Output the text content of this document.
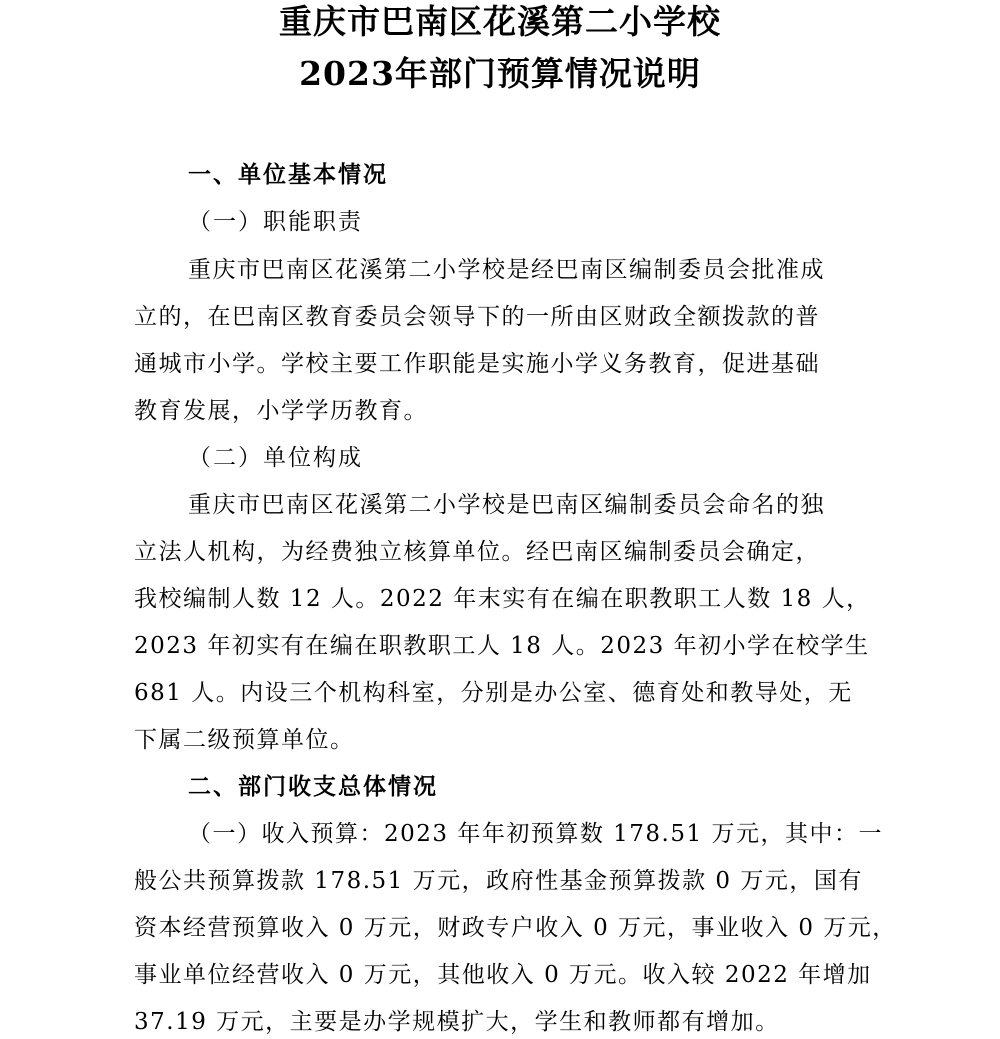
重庆市巴南区花溪第二小学校
2023年部门预算情况说明
一、单位基本情况
（一）职能职责
重庆市巴南区花溪第二小学校是经巴南区编制委员会批准成
立的，在巴南区教育委员会领导下的一所由区财政全额拨款的普
通城市小学。学校主要工作职能是实施小学义务教育，促进基础
教育发展，小学学历教育。
（二）单位构成
重庆市巴南区花溪第二小学校是巴南区编制委员会命名的独
立法人机构，为经费独立核算单位。经巴南区编制委员会确定，
我校编制人数 12 人。2022 年末实有在编在职教职工人数 18 人，
2023 年初实有在编在职教职工人 18 人。2023 年初小学在校学生
681 人。内设三个机构科室，分别是办公室、德育处和教导处，无
下属二级预算单位。
二、部门收支总体情况
（一）收入预算：2023 年年初预算数 178.51 万元，其中：一
般公共预算拨款 178.51 万元，政府性基金预算拨款 0 万元，国有
资本经营预算收入 0 万元，财政专户收入 0 万元，事业收入 0 万元，
事业单位经营收入 0 万元，其他收入 0 万元。收入较 2022 年增加
37.19 万元，主要是办学规模扩大，学生和教师都有增加。
